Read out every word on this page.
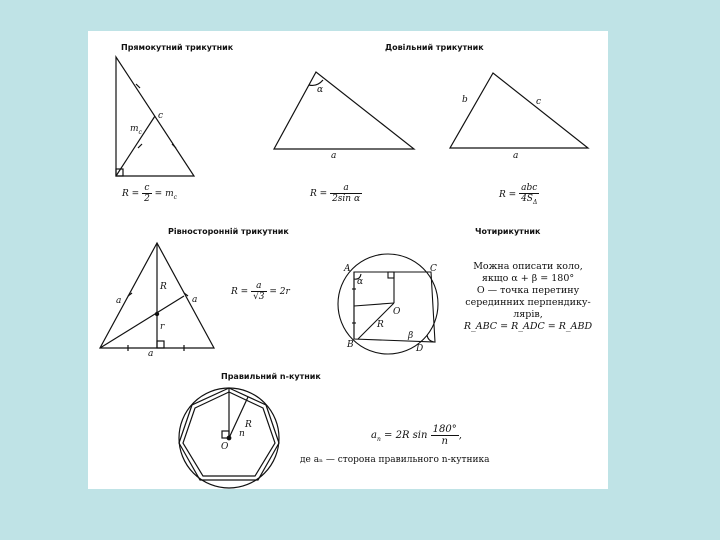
Прямокутний трикутник	Довільний трикутник
Рівносторонній трикутник	Чотирикутник
Правильний n-кутник
c
$m_c$
α
a
b	c
a
$R = \frac{c}{2} = m_c$	$R = \frac{a}{\text{2sin α}}$	$R = \frac{\text{abc}}{4S_\Delta}$
R
r
a	a
a
$R = \frac{a}{√3} = 2r$
A	C
B	D
O
R
α
β
Можна описати коло,
якщо α + β = 180°
O — точка перетину
серединних перпендику-
лярів,
R_ABC = R_ADC = R_ABD
O
R
n	$a_n = 2R$ $\sin \frac{180^\circ}{n}$ ,
де aₙ — сторона правильного n-кутника
